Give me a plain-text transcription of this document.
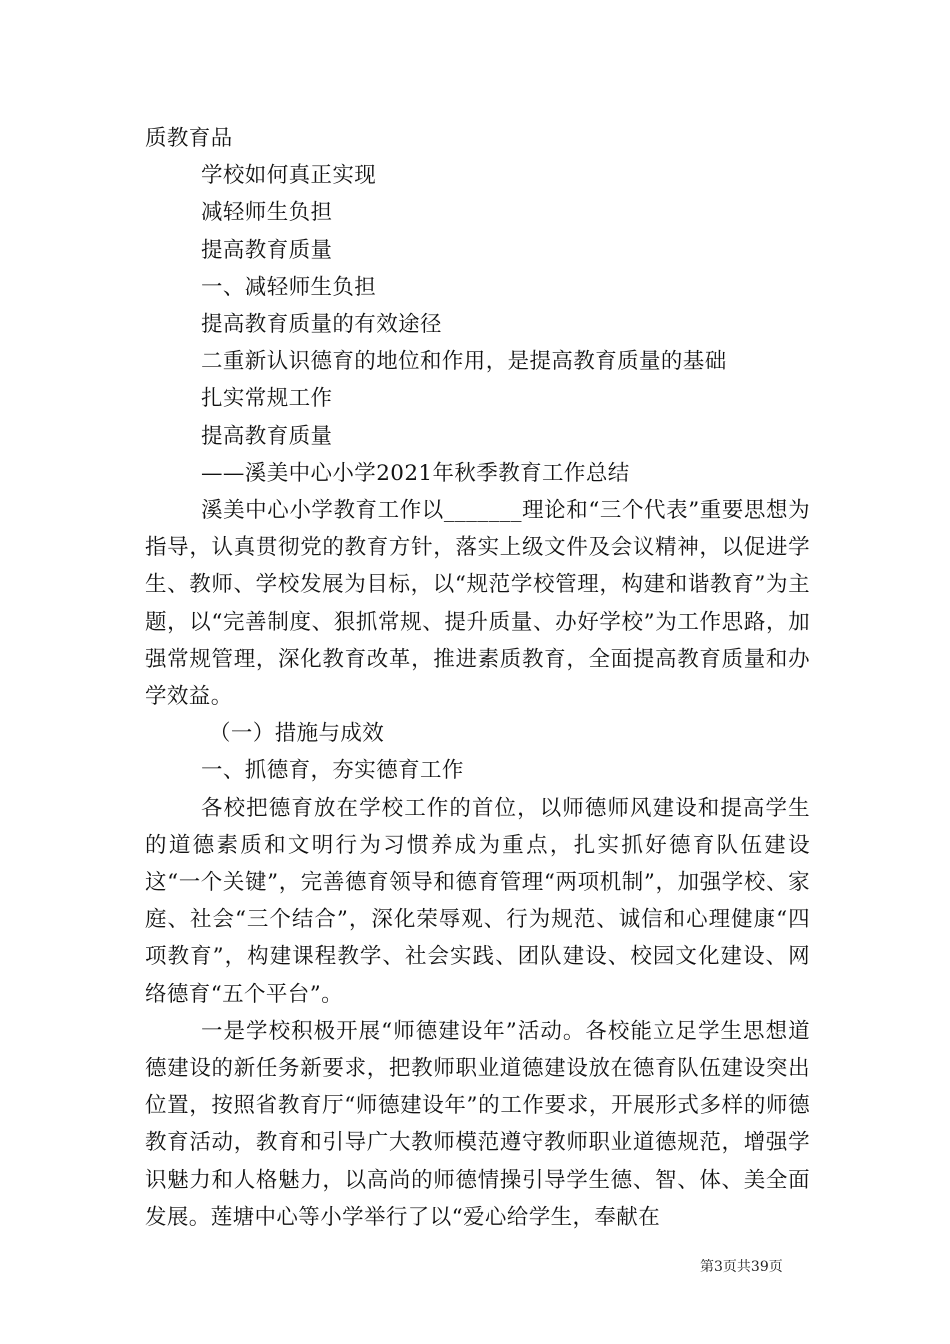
质教育品

学校如何真正实现

减轻师生负担

提高教育质量

一、减轻师生负担

提高教育质量的有效途径

二重新认识德育的地位和作用，是提高教育质量的基础

扎实常规工作

提高教育质量

——溪美中心小学2021年秋季教育工作总结

溪美中心小学教育工作以_______理论和“三个代表”重要思想为指导，认真贯彻党的教育方针，落实上级文件及会议精神，以促进学生、教师、学校发展为目标，以“规范学校管理，构建和谐教育”为主题，以“完善制度、狠抓常规、提升质量、办好学校”为工作思路，加强常规管理，深化教育改革，推进素质教育，全面提高教育质量和办学效益。

（一）措施与成效

一、抓德育，夯实德育工作

各校把德育放在学校工作的首位，以师德师风建设和提高学生的道德素质和文明行为习惯养成为重点，扎实抓好德育队伍建设这“一个关键”，完善德育领导和德育管理“两项机制”，加强学校、家庭、社会“三个结合”，深化荣辱观、行为规范、诚信和心理健康“四项教育”，构建课程教学、社会实践、团队建设、校园文化建设、网络德育“五个平台”。

一是学校积极开展“师德建设年”活动。各校能立足学生思想道德建设的新任务新要求，把教师职业道德建设放在德育队伍建设突出位置，按照省教育厅“师德建设年”的工作要求，开展形式多样的师德教育活动，教育和引导广大教师模范遵守教师职业道德规范，增强学识魅力和人格魅力，以高尚的师德情操引导学生德、智、体、美全面发展。莲塘中心等小学举行了以“爱心给学生，奉献在

第3页共39页
